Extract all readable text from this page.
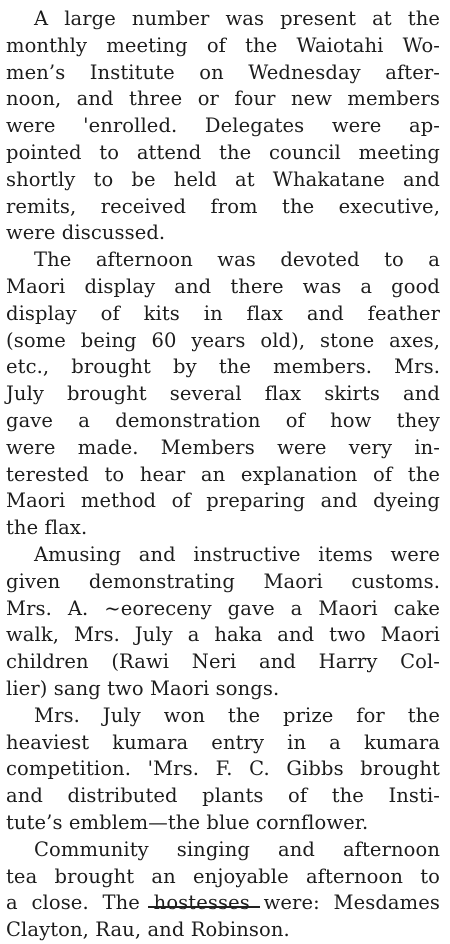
A large number was present at the
monthly meeting of the Waiotahi Wo-
men’s Institute on Wednesday after-
noon, and three or four new members
were 'enrolled. Delegates were ap-
pointed to attend the council meeting
shortly to be held at Whakatane and
remits, received from the executive,
were discussed.
The afternoon was devoted to a
Maori display and there was a good
display of kits in flax and feather
(some being 60 years old), stone axes,
etc., brought by the members. Mrs.
July brought several flax skirts and
gave a demonstration of how they
were made. Members were very in-
terested to hear an explanation of the
Maori method of preparing and dyeing
the flax.
Amusing and instructive items were
given demonstrating Maori customs.
Mrs. A. ~eoreceny gave a Maori cake
walk, Mrs. July a haka and two Maori
children (Rawi Neri and Harry Col-
lier) sang two Maori songs.
Mrs. July won the prize for the
heaviest kumara entry in a kumara
competition. 'Mrs. F. C. Gibbs brought
and distributed plants of the Insti-
tute’s emblem—the blue cornflower.
Community singing and afternoon
tea brought an enjoyable afternoon to
a close. The hostesses were: Mesdames
Clayton, Rau, and Robinson.
